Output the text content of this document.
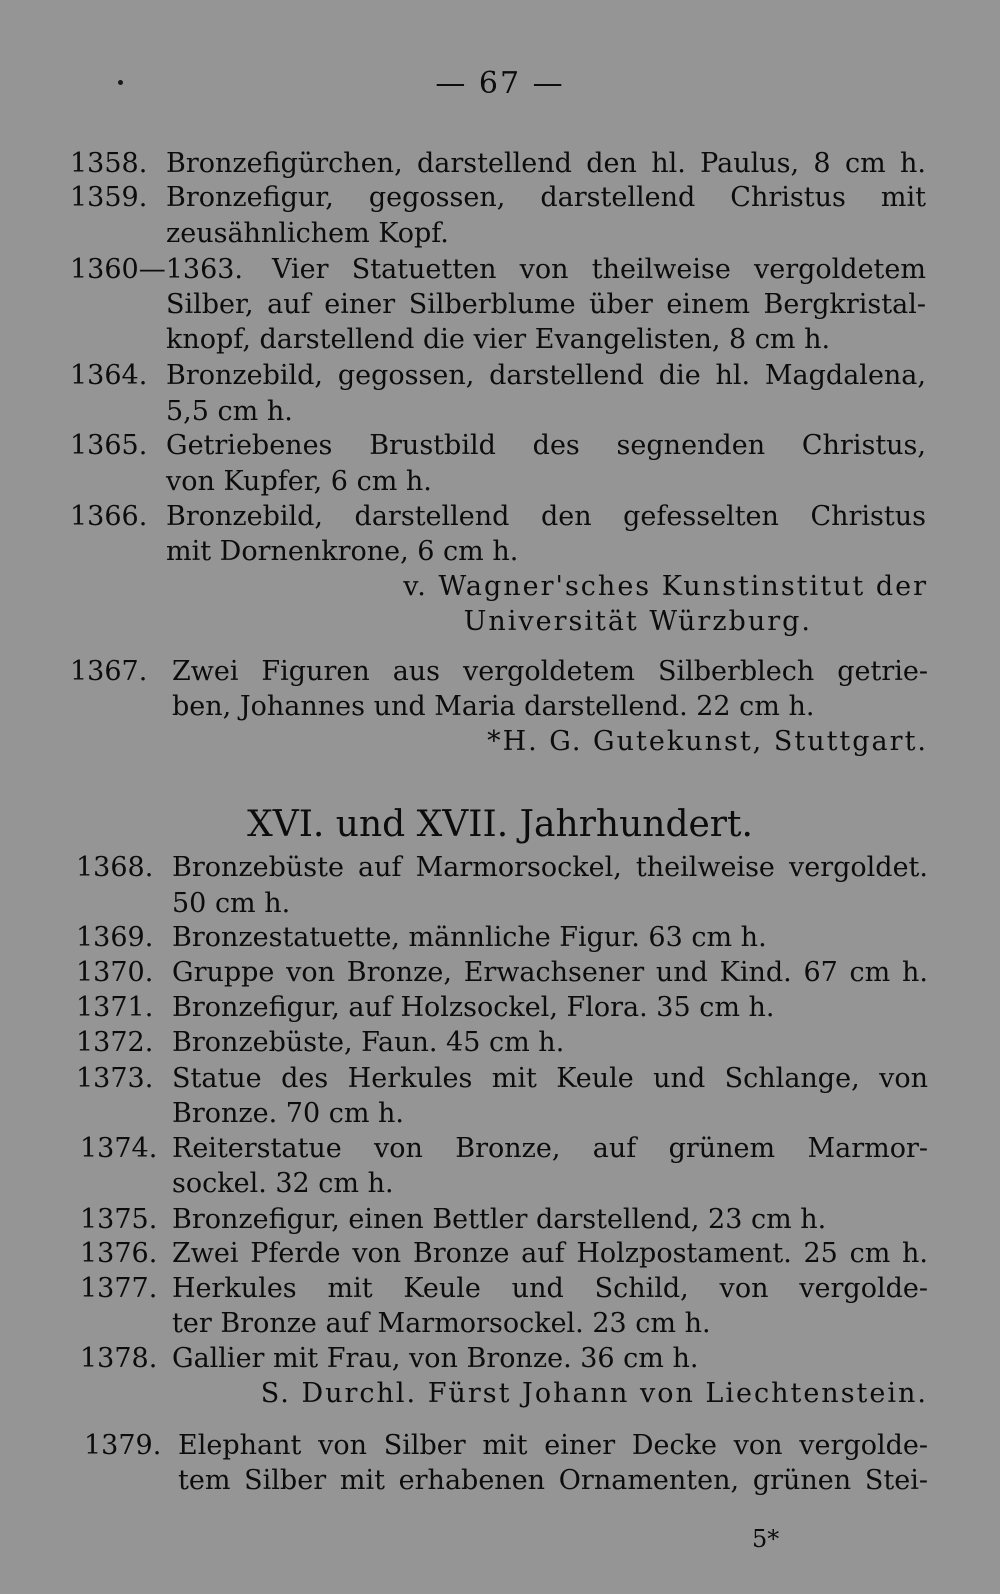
— 67 —
1358. Bronzefigürchen, darstellend den hl. Paulus, 8 cm h.
1359. Bronzefigur, gegossen, darstellend Christus mit
zeusähnlichem Kopf.
1360—1363. Vier Statuetten von theilweise vergoldetem
Silber, auf einer Silberblume über einem Bergkristal-
knopf, darstellend die vier Evangelisten, 8 cm h.
1364. Bronzebild, gegossen, darstellend die hl. Magdalena,
5,5 cm h.
1365. Getriebenes Brustbild des segnenden Christus,
von Kupfer, 6 cm h.
1366. Bronzebild, darstellend den gefesselten Christus
mit Dornenkrone, 6 cm h.
v. Wagner'sches Kunstinstitut der
Universität Würzburg.
1367. Zwei Figuren aus vergoldetem Silberblech getrie-
ben, Johannes und Maria darstellend. 22 cm h.
*H. G. Gutekunst, Stuttgart.
XVI. und XVII. Jahrhundert.
1368. Bronzebüste auf Marmorsockel, theilweise vergoldet.
50 cm h.
1369. Bronzestatuette, männliche Figur. 63 cm h.
1370. Gruppe von Bronze, Erwachsener und Kind. 67 cm h.
1371. Bronzefigur, auf Holzsockel, Flora. 35 cm h.
1372. Bronzebüste, Faun. 45 cm h.
1373. Statue des Herkules mit Keule und Schlange, von
Bronze. 70 cm h.
1374. Reiterstatue von Bronze, auf grünem Marmor-
sockel. 32 cm h.
1375. Bronzefigur, einen Bettler darstellend, 23 cm h.
1376. Zwei Pferde von Bronze auf Holzpostament. 25 cm h.
1377. Herkules mit Keule und Schild, von vergolde-
ter Bronze auf Marmorsockel. 23 cm h.
1378. Gallier mit Frau, von Bronze. 36 cm h.
S. Durchl. Fürst Johann von Liechtenstein.
1379. Elephant von Silber mit einer Decke von vergolde-
tem Silber mit erhabenen Ornamenten, grünen Stei-
5*
